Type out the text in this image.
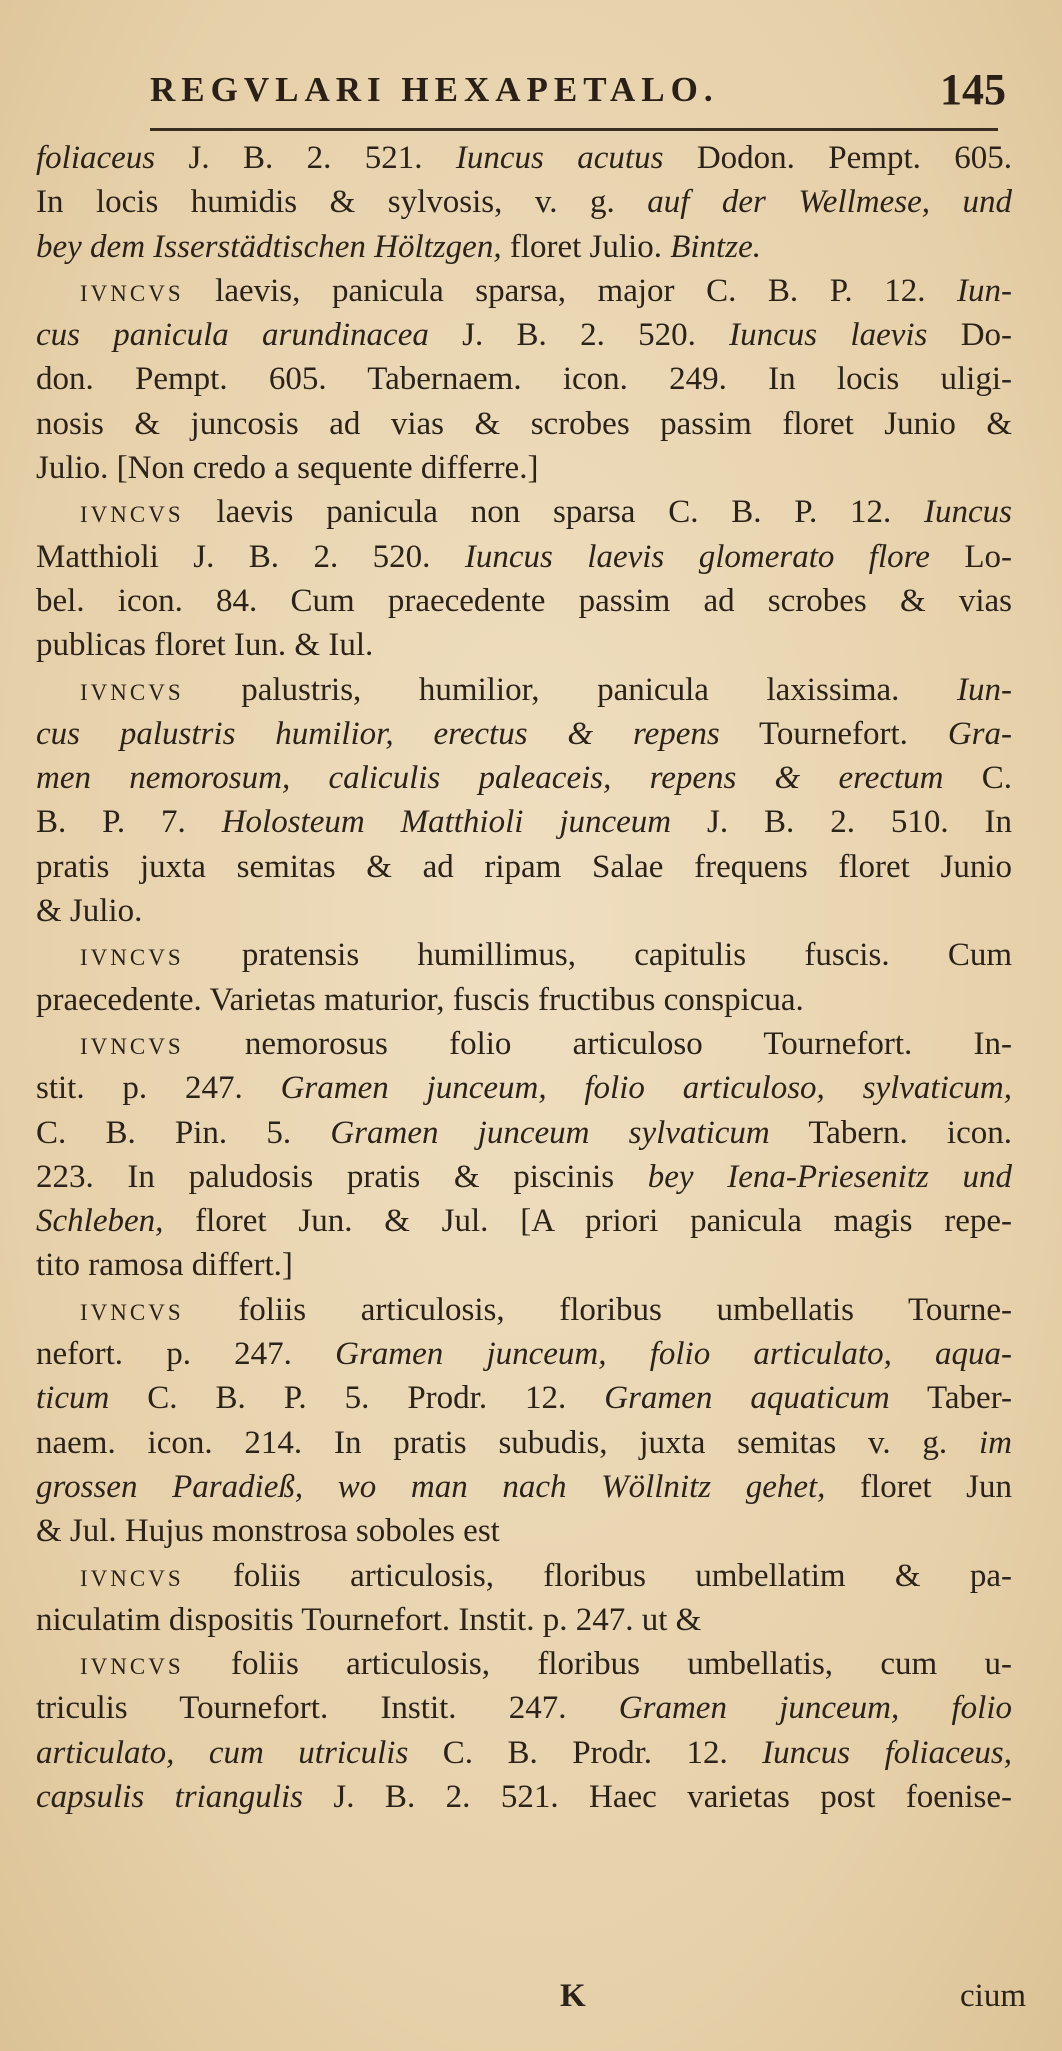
REGVLARI HEXAPETALO.	145
foliaceus J. B. 2. 521. Iuncus acutus Dodon. Pempt. 605.
In locis humidis & sylvosis, v. g. auf der Wellmese, und
bey dem Isserstädtischen Höltzgen, floret Julio. Bintze.
IVNCVS laevis, panicula sparsa, major C. B. P. 12. Iun-
cus panicula arundinacea J. B. 2. 520. Iuncus laevis Do-
don. Pempt. 605. Tabernaem. icon. 249. In locis uligi-
nosis & juncosis ad vias & scrobes passim floret Junio &
Julio. [Non credo a sequente differre.]
IVNCVS laevis panicula non sparsa C. B. P. 12. Iuncus
Matthioli J. B. 2. 520. Iuncus laevis glomerato flore Lo-
bel. icon. 84. Cum praecedente passim ad scrobes & vias
publicas floret Iun. & Iul.
IVNCVS palustris, humilior, panicula laxissima. Iun-
cus palustris humilior, erectus & repens Tournefort. Gra-
men nemorosum, caliculis paleaceis, repens & erectum C.
B. P. 7. Holosteum Matthioli junceum J. B. 2. 510. In
pratis juxta semitas & ad ripam Salae frequens floret Junio
& Julio.
IVNCVS pratensis humillimus, capitulis fuscis. Cum
praecedente. Varietas maturior, fuscis fructibus conspicua.
IVNCVS nemorosus folio articuloso Tournefort. In-
stit. p. 247. Gramen junceum, folio articuloso, sylvaticum,
C. B. Pin. 5. Gramen junceum sylvaticum Tabern. icon.
223. In paludosis pratis & piscinis bey Iena-Priesenitz und
Schleben, floret Jun. & Jul. [A priori panicula magis repe-
tito ramosa differt.]
IVNCVS foliis articulosis, floribus umbellatis Tourne-
nefort. p. 247. Gramen junceum, folio articulato, aqua-
ticum C. B. P. 5. Prodr. 12. Gramen aquaticum Taber-
naem. icon. 214. In pratis subudis, juxta semitas v. g. im
grossen Paradieß, wo man nach Wöllnitz gehet, floret Jun
& Jul. Hujus monstrosa soboles est
IVNCVS foliis articulosis, floribus umbellatim & pa-
niculatim dispositis Tournefort. Instit. p. 247. ut &
IVNCVS foliis articulosis, floribus umbellatis, cum u-
triculis Tournefort. Instit. 247. Gramen junceum, folio
articulato, cum utriculis C. B. Prodr. 12. Iuncus foliaceus,
capsulis triangulis J. B. 2. 521. Haec varietas post foenise-
K	cium
